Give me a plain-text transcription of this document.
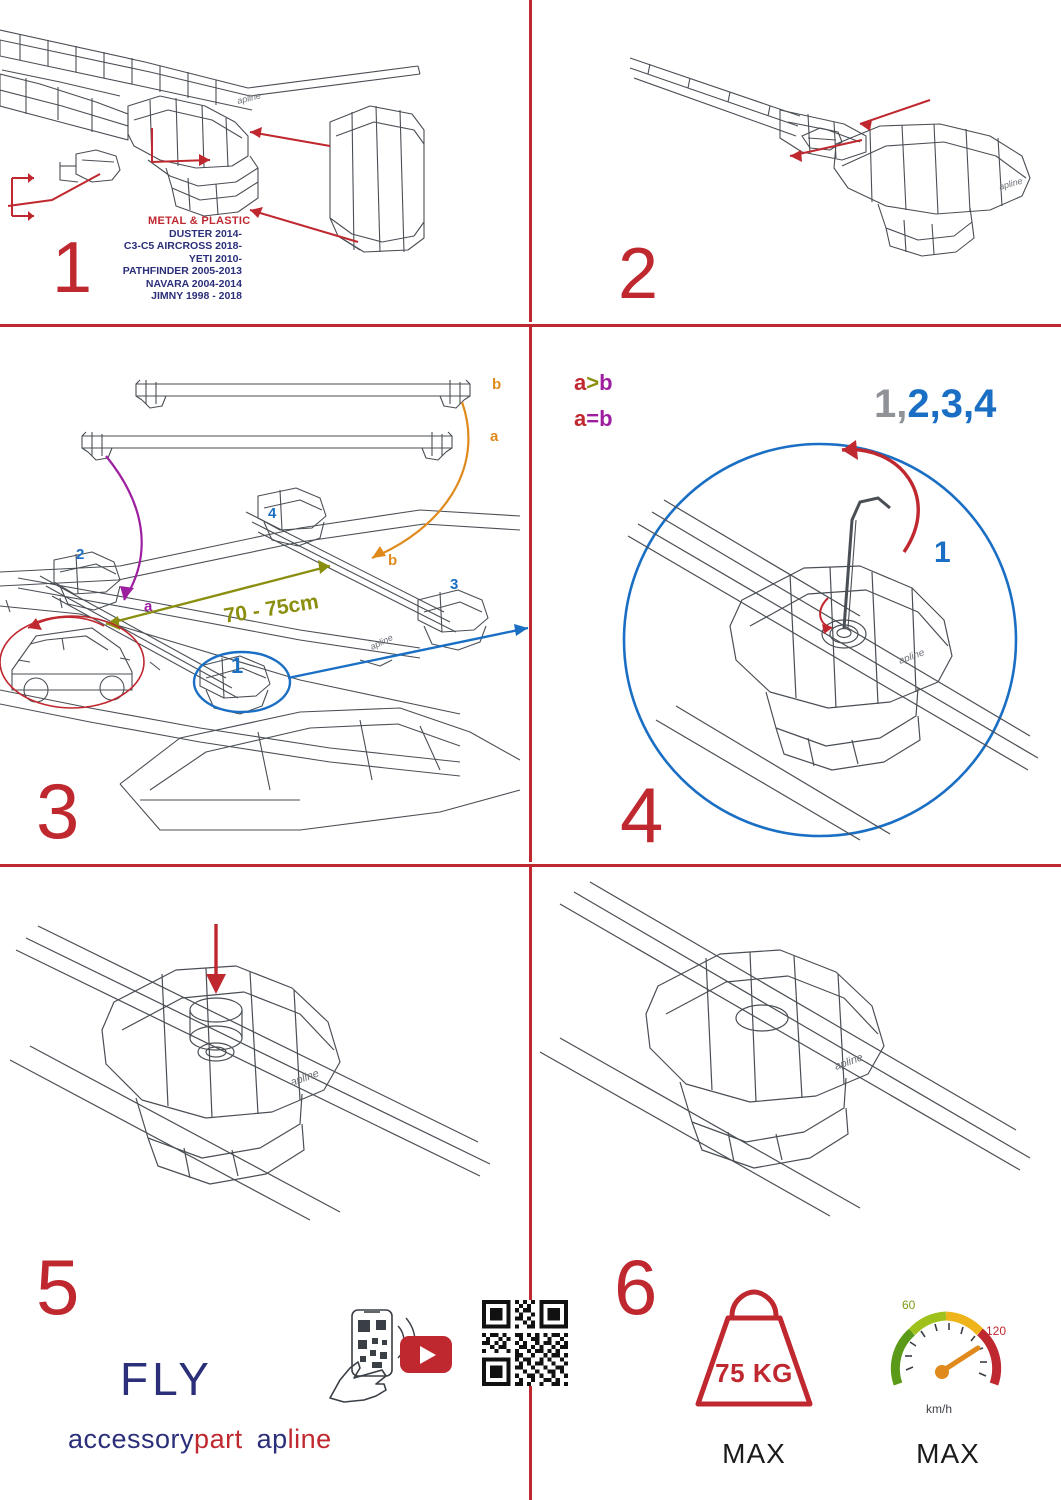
apline
METAL & PLASTIC
DUSTER 2014-
C3-C5 AIRCROSS 2018-
YETI 2010-
PATHFINDER 2005-2013
NAVARA 2004-2014
JIMNY 1998 - 2018
1
apline
2
apline
b
a
b
a
2
3
4
1
70 - 75cm
a>b
a=b
3
apline
1,2,3,4
1
4
apline
5
apline
6
FLY
accessorypart apline
75 KG
MAX
60
120
km/h
MAX
